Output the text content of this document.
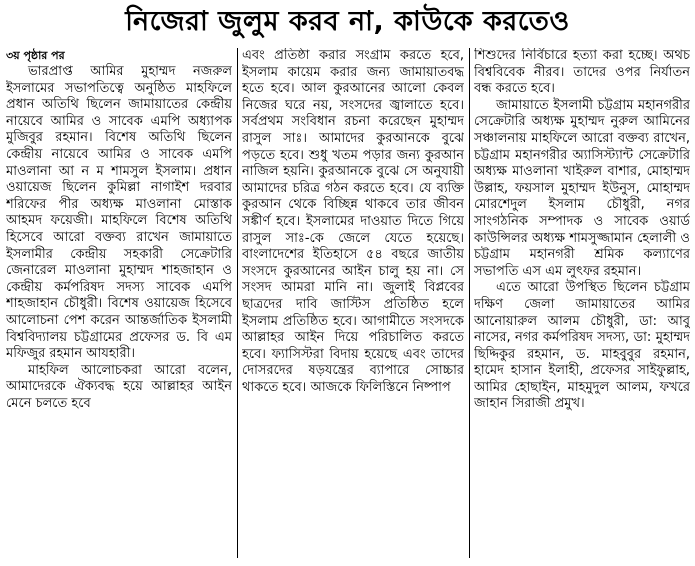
নিজেরা জুলুম করব না, কাউকে করতেও

৩য় পৃষ্ঠার পর

ভারপ্রাপ্ত আমির মুহাম্মদ নজরুল ইসলামের সভাপতিত্বে অনুষ্ঠিত মাহফিলে প্রধান অতিথি ছিলেন জামায়াতের কেন্দ্রীয় নায়েবে আমির ও সাবেক এমপি অধ্যাপক মুজিবুর রহমান। বিশেষ অতিথি ছিলেন কেন্দ্রীয় নায়েবে আমির ও সাবেক এমপি মাওলানা আ ন ম শামসুল ইসলাম। প্রধান ওয়ায়েজ ছিলেন কুমিল্লা নাগাইশ দরবার শরিফের পীর অধ্যক্ষ মাওলানা মোস্তাক আহমদ ফয়েজী। মাহফিলে বিশেষ অতিথি হিসেবে আরো বক্তব্য রাখেন জামায়াতে ইসলামীর কেন্দ্রীয় সহকারী সেক্রেটারি জেনারেল মাওলানা মুহাম্মদ শাহজাহান ও কেন্দ্রীয় কর্মপরিষদ সদস্য সাবেক এমপি শাহজাহান চৌধুরী। বিশেষ ওয়ায়েজ হিসেবে আলোচনা পেশ করেন আন্তর্জাতিক ইসলামী বিশ্ববিদ্যালয় চট্টগ্রামের প্রফেসর ড. বি এম মফিজুর রহমান আযহারী।

মাহফিল আলোচকরা আরো বলেন, আমাদেরকে ঐক্যবদ্ধ হয়ে আল্লাহর আইন মেনে চলতে হবে

এবং প্রতিষ্ঠা করার সংগ্রাম করতে হবে, ইসলাম কায়েম করার জন্য জামায়াতবদ্ধ হতে হবে। আল কুরআনের আলো কেবল নিজের ঘরে নয়, সংসদের জ্বালাতে হবে। সর্বপ্রথম সংবিধান রচনা করেছেন মুহাম্মদ রাসুল সাঃ। আমাদের কুরআনকে বুঝে পড়তে হবে। শুধু খতম পড়ার জন্য কুরআন নাজিল হয়নি। কুরআনকে বুঝে সে অনুযায়ী আমাদের চরিত্র গঠন করতে হবে। যে ব্যক্তি কুরআন থেকে বিচ্ছিন্ন থাকবে তার জীবন সঙ্কীর্ণ হবে। ইসলামের দাওয়াত দিতে গিয়ে রাসুল সাঃ-কে জেলে যেতে হয়েছে। বাংলাদেশের ইতিহাসে ৫৪ বছরে জাতীয় সংসদে কুরআনের আইন চালু হয় না। সে সংসদ আমরা মানি না। জুলাই বিপ্লবের ছাত্রদের দাবি জাস্টিস প্রতিষ্ঠিত হলে ইসলাম প্রতিষ্ঠিত হবে। আগামীতে সংসদকে আল্লাহর আইন দিয়ে পরিচালিত করতে হবে। ফ্যাসিস্টরা বিদায় হয়েছে এবং তাদের দোসরদের ষড়যন্ত্রের ব্যাপারে সোচ্চার থাকতে হবে। আজকে ফিলিস্তিনে নিষ্পাপ

শিশুদের নির্বিচারে হত্যা করা হচ্ছে। অথচ বিশ্ববিবেক নীরব। তাদের ওপর নির্যাতন বন্ধ করতে হবে।

জামায়াতে ইসলামী চট্টগ্রাম মহানগরীর সেক্রেটারি অধ্যক্ষ মুহাম্মদ নুরুল আমিনের সঞ্চালনায় মাহফিলে আরো বক্তব্য রাখেন, চট্টগ্রাম মহানগরীর অ্যাসিস্ট্যান্ট সেক্রেটারি অধ্যক্ষ মাওলানা খাইরুল বাশার, মোহাম্মদ উল্লাহ, ফয়সাল মুহাম্মদ ইউনুস, মোহাম্মদ মোরশেদুল ইসলাম চৌধুরী, নগর সাংগঠনিক সম্পাদক ও সাবেক ওয়ার্ড কাউন্সিলর অধ্যক্ষ শামসুজ্জামান হেলালী ও চট্টগ্রাম মহানগরী শ্রমিক কল্যাণের সভাপতি এস এম লুৎফর রহমান।

এতে আরো উপস্থিত ছিলেন চট্টগ্রাম দক্ষিণ জেলা জামায়াতের আমির আনোয়ারুল আলম চৌধুরী, ডা: আবু নাসের, নগর কর্মপরিষদ সদস্য, ডা: মুহাম্মদ ছিদ্দিকুর রহমান, ড. মাহবুবুর রহমান, হামেদ হাসান ইলাহী, প্রফেসর সাইফুল্লাহ, আমির হোছাইন, মাহমুদুল আলম, ফখরে জাহান সিরাজী প্রমুখ।
